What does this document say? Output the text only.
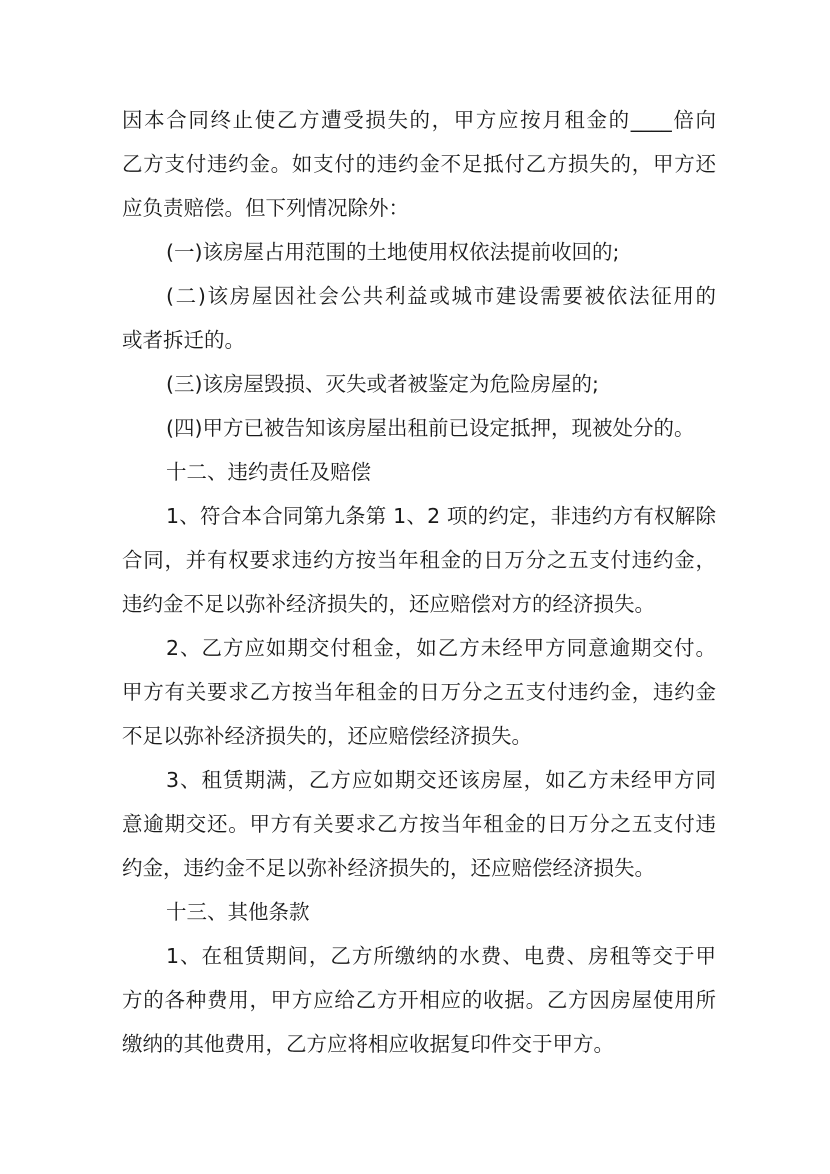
因本合同终止使乙方遭受损失的，甲方应按月租金的____倍向
乙方支付违约金。如支付的违约金不足抵付乙方损失的，甲方还
应负责赔偿。但下列情况除外：
(一)该房屋占用范围的土地使用权依法提前收回的;
(二)该房屋因社会公共利益或城市建设需要被依法征用的
或者拆迁的。
(三)该房屋毁损、灭失或者被鉴定为危险房屋的;
(四)甲方已被告知该房屋出租前已设定抵押，现被处分的。
十二、违约责任及赔偿
1、符合本合同第九条第 1、2 项的约定，非违约方有权解除
合同，并有权要求违约方按当年租金的日万分之五支付违约金，
违约金不足以弥补经济损失的，还应赔偿对方的经济损失。
2、乙方应如期交付租金，如乙方未经甲方同意逾期交付。
甲方有关要求乙方按当年租金的日万分之五支付违约金，违约金
不足以弥补经济损失的，还应赔偿经济损失。
3、租赁期满，乙方应如期交还该房屋，如乙方未经甲方同
意逾期交还。甲方有关要求乙方按当年租金的日万分之五支付违
约金，违约金不足以弥补经济损失的，还应赔偿经济损失。
十三、其他条款
1、在租赁期间，乙方所缴纳的水费、电费、房租等交于甲
方的各种费用，甲方应给乙方开相应的收据。乙方因房屋使用所
缴纳的其他费用，乙方应将相应收据复印件交于甲方。
